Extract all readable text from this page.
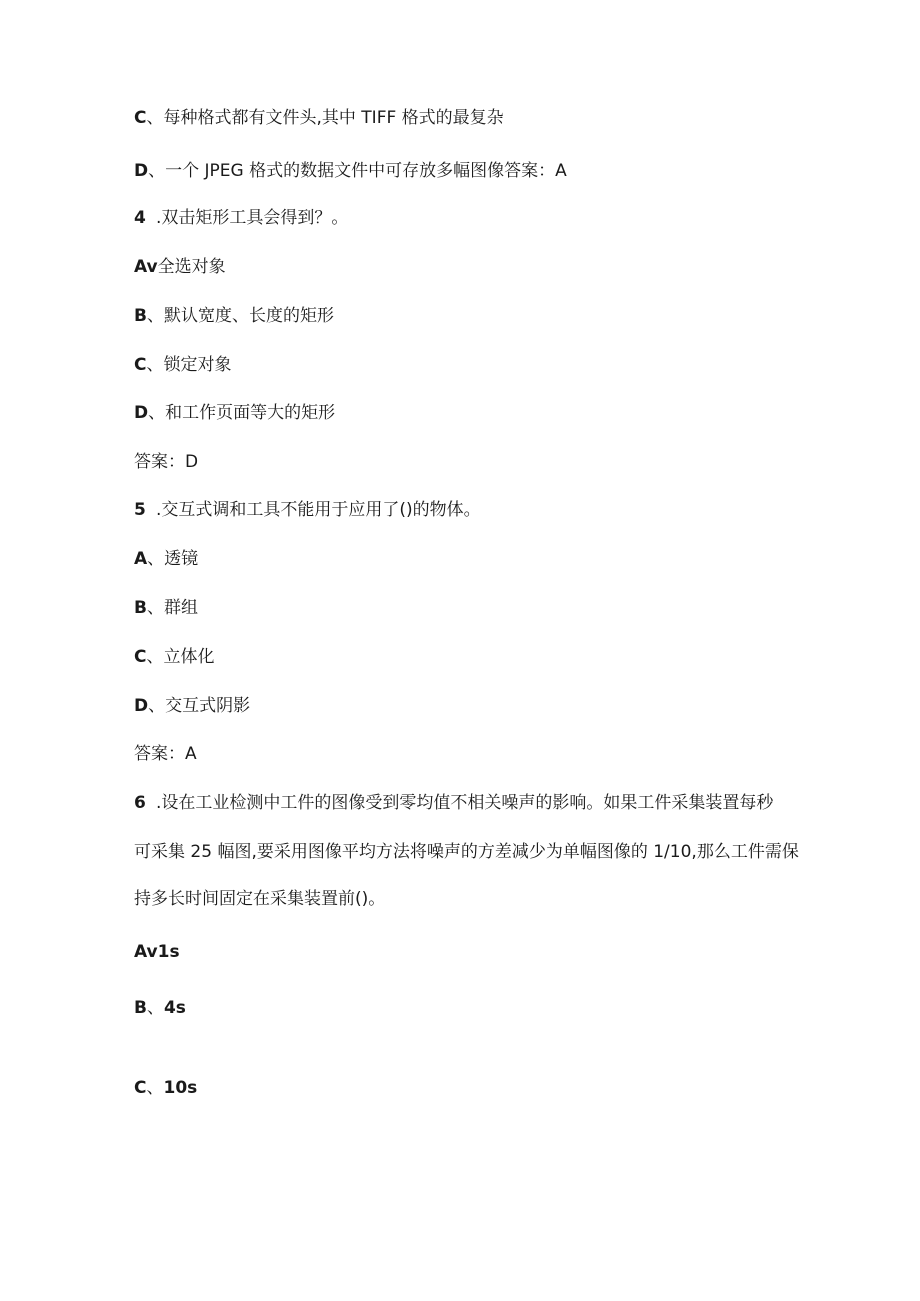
C、每种格式都有文件头,其中 TIFF 格式的最复杂
D、一个 JPEG 格式的数据文件中可存放多幅图像答案：A
4 .双击矩形工具会得到？。
Av全选对象
B、默认宽度、长度的矩形
C、锁定对象
D、和工作页面等大的矩形
答案：D
5 .交互式调和工具不能用于应用了()的物体。
A、透镜
B、群组
C、立体化
D、交互式阴影
答案：A
6 .设在工业检测中工件的图像受到零均值不相关噪声的影响。如果工件采集装置每秒
可采集 25 幅图,要采用图像平均方法将噪声的方差减少为单幅图像的 1/10,那么工件需保
持多长时间固定在采集装置前()。
Av1s
B、4s
C、10s
